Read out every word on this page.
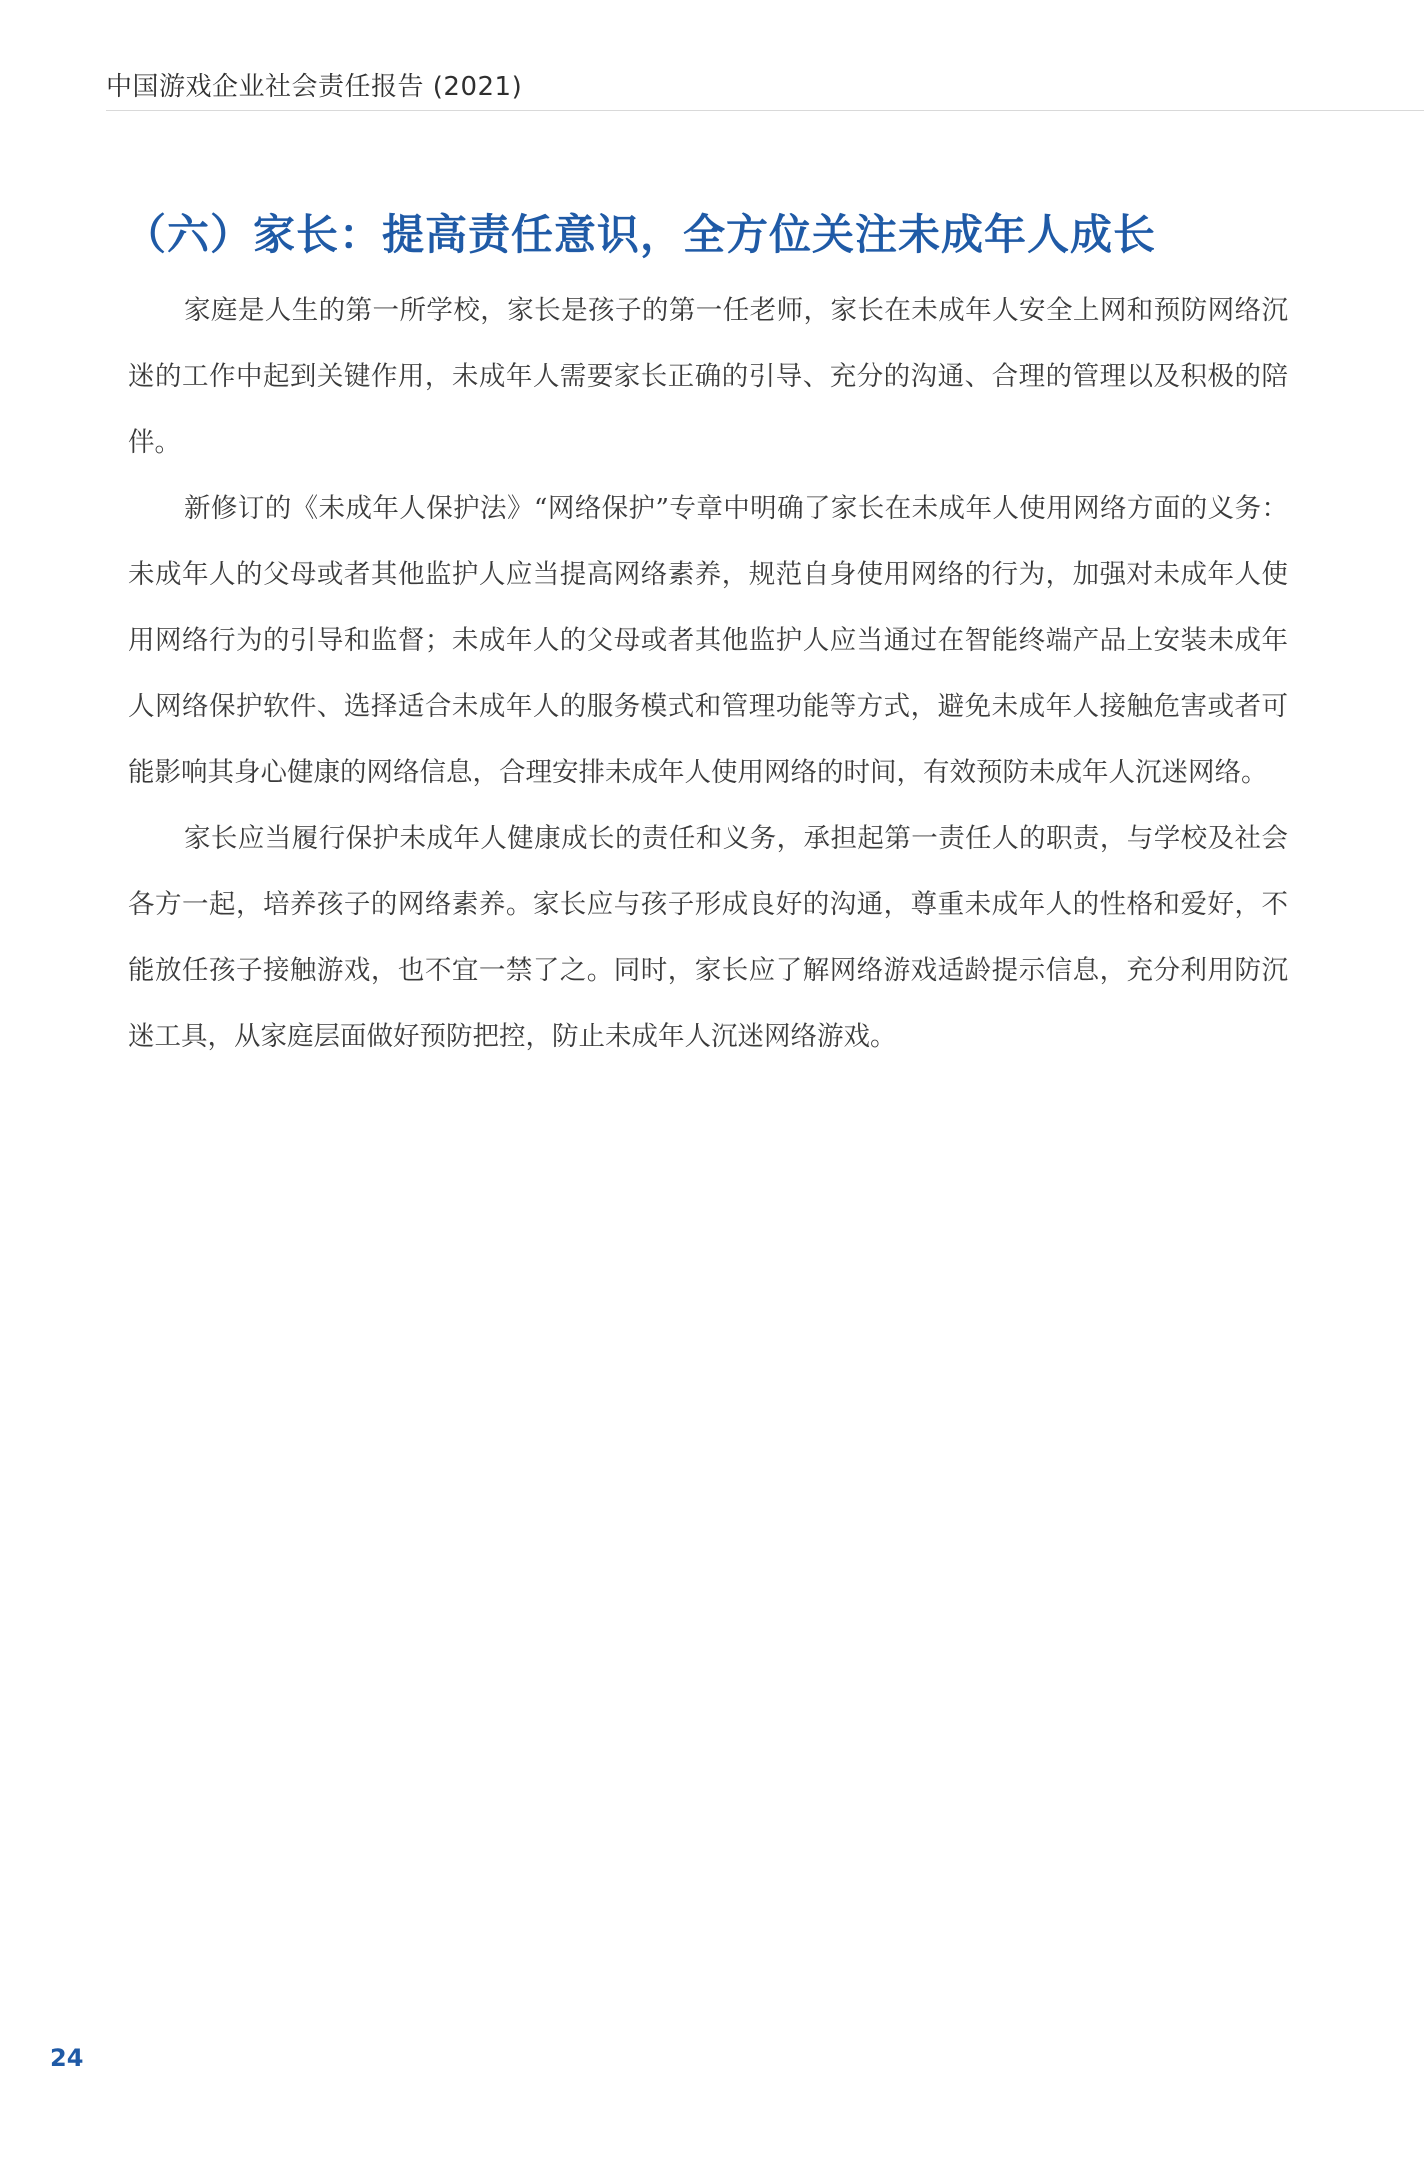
中国游戏企业社会责任报告 (2021)
（六）家长：提高责任意识，全方位关注未成年人成长

家庭是人生的第一所学校，家长是孩子的第一任老师，家长在未成年人安全上网和预防网络沉迷的工作中起到关键作用，未成年人需要家长正确的引导、充分的沟通、合理的管理以及积极的陪伴。

新修订的《未成年人保护法》“网络保护”专章中明确了家长在未成年人使用网络方面的义务：未成年人的父母或者其他监护人应当提高网络素养，规范自身使用网络的行为，加强对未成年人使用网络行为的引导和监督；未成年人的父母或者其他监护人应当通过在智能终端产品上安装未成年人网络保护软件、选择适合未成年人的服务模式和管理功能等方式，避免未成年人接触危害或者可能影响其身心健康的网络信息，合理安排未成年人使用网络的时间，有效预防未成年人沉迷网络。

家长应当履行保护未成年人健康成长的责任和义务，承担起第一责任人的职责，与学校及社会各方一起，培养孩子的网络素养。家长应与孩子形成良好的沟通，尊重未成年人的性格和爱好，不能放任孩子接触游戏，也不宜一禁了之。同时，家长应了解网络游戏适龄提示信息，充分利用防沉迷工具，从家庭层面做好预防把控，防止未成年人沉迷网络游戏。

24
